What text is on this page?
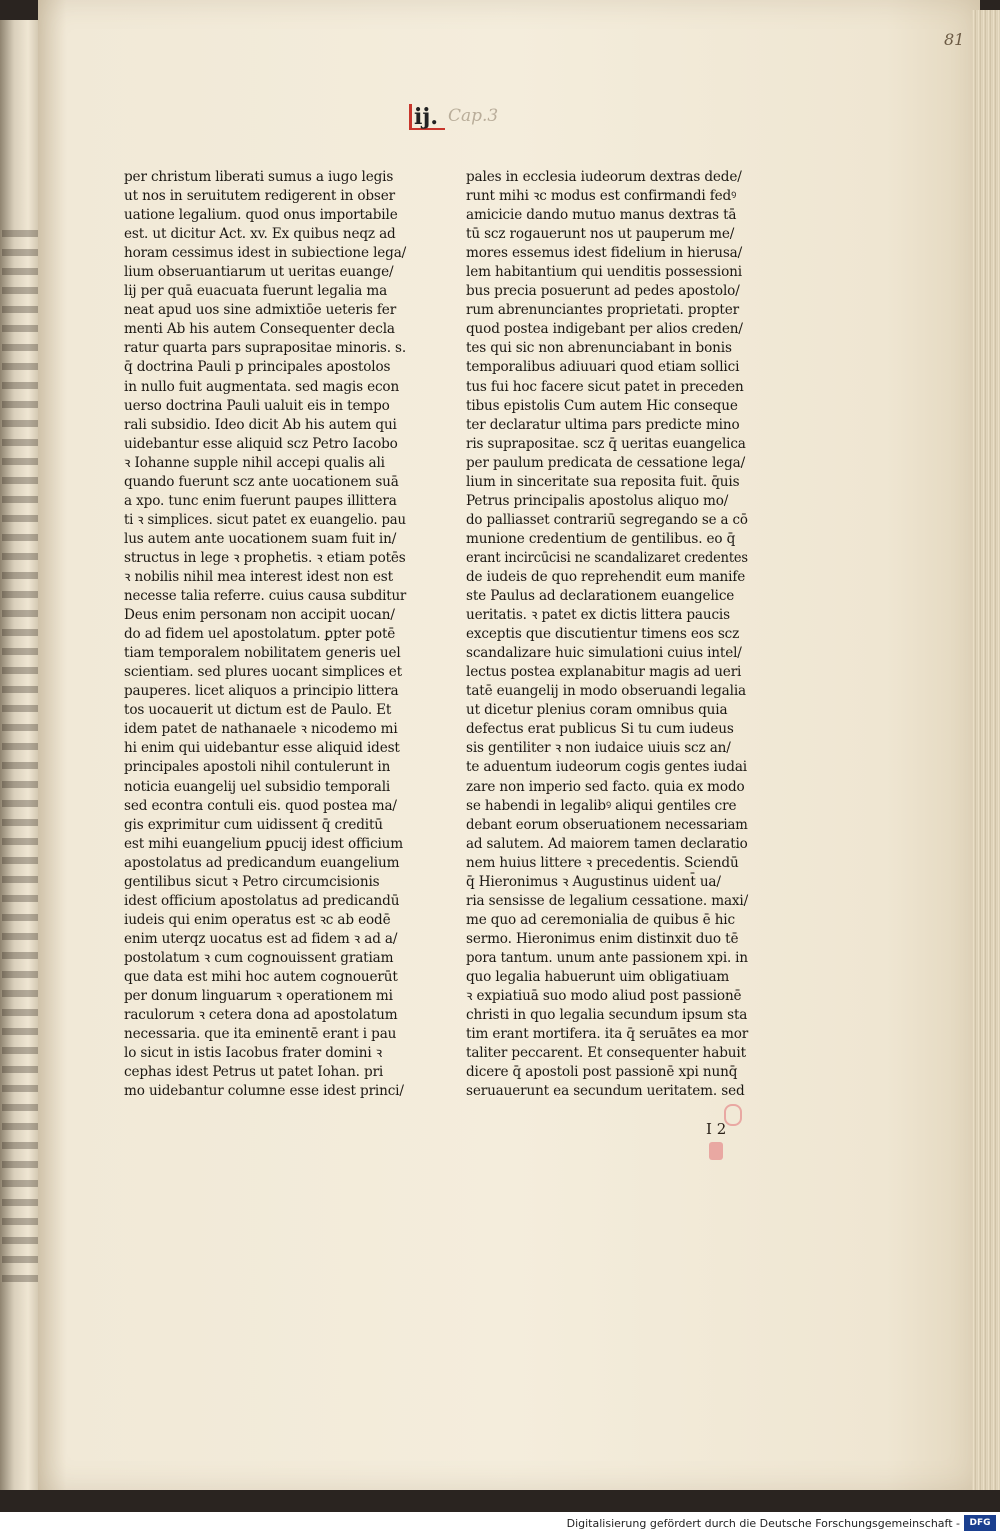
81
ij. Cap.3
per christum liberati sumus a iugo legis
ut nos in seruitutem redigerent in obser
uatione legalium. quod onus importabile
est. ut dicitur Act. xv. Ex quibus neqz ad
horam cessimus idest in subiectione lega/
lium obseruantiarum ut ueritas euange/
lij per quā euacuata fuerunt legalia ma
neat apud uos sine admixtiōe ueteris fer
menti Ab his autem Consequenter decla
ratur quarta pars suprapositae minoris. s.
q̄ doctrina Pauli p principales apostolos
in nullo fuit augmentata. sed magis econ
uerso doctrina Pauli ualuit eis in tempo
rali subsidio. Ideo dicit Ab his autem qui
uidebantur esse aliquid scz Petro Iacobo
ꝛ Iohanne supple nihil accepi qualis ali
quando fuerunt scz ante uocationem suā
a xpo. tunc enim fuerunt paupes illittera
ti ꝛ simplices. sicut patet ex euangelio. pau
lus autem ante uocationem suam fuit in/
structus in lege ꝛ prophetis. ꝛ etiam potēs
ꝛ nobilis nihil mea interest idest non est
necesse talia referre. cuius causa subditur
Deus enim personam non accipit uocan/
do ad fidem uel apostolatum. ꝑpter potē
tiam temporalem nobilitatem generis uel
scientiam. sed plures uocant simplices et
pauperes. licet aliquos a principio littera
tos uocauerit ut dictum est de Paulo. Et
idem patet de nathanaele ꝛ nicodemo mi
hi enim qui uidebantur esse aliquid idest
principales apostoli nihil contulerunt in
noticia euangelij uel subsidio temporali
sed econtra contuli eis. quod postea ma/
gis exprimitur cum uidissent q̄ creditū
est mihi euangelium ꝑpucij idest officium
apostolatus ad predicandum euangelium
gentilibus sicut ꝛ Petro circumcisionis
idest officium apostolatus ad predicandū
iudeis qui enim operatus est ꝛc ab eodē
enim uterqz uocatus est ad fidem ꝛ ad a/
postolatum ꝛ cum cognouissent gratiam
que data est mihi hoc autem cognouerūt
per donum linguarum ꝛ operationem mi
raculorum ꝛ cetera dona ad apostolatum
necessaria. que ita eminentē erant i pau
lo sicut in istis Iacobus frater domini ꝛ
cephas idest Petrus ut patet Iohan. pri
mo uidebantur columne esse idest princi/
pales in ecclesia iudeorum dextras dede/
runt mihi ꝛc modus est confirmandi fedꝰ
amicicie dando mutuo manus dextras tā
tū scz rogauerunt nos ut pauperum me/
mores essemus idest fidelium in hierusa/
lem habitantium qui uenditis possessioni
bus precia posuerunt ad pedes apostolo/
rum abrenunciantes proprietati. propter
quod postea indigebant per alios creden/
tes qui sic non abrenunciabant in bonis
temporalibus adiuuari quod etiam sollici
tus fui hoc facere sicut patet in preceden
tibus epistolis Cum autem Hic conseque
ter declaratur ultima pars predicte mino
ris suprapositae. scz q̄ ueritas euangelica
per paulum predicata de cessatione lega/
lium in sinceritate sua reposita fuit. q̄uis
Petrus principalis apostolus aliquo mo/
do palliasset contrariū segregando se a cō
munione credentium de gentilibus. eo q̄
erant incircūcisi ne scandalizaret credentes
de iudeis de quo reprehendit eum manife
ste Paulus ad declarationem euangelice
ueritatis. ꝛ patet ex dictis littera paucis
exceptis que discutientur timens eos scz
scandalizare huic simulationi cuius intel/
lectus postea explanabitur magis ad ueri
tatē euangelij in modo obseruandi legalia
ut dicetur plenius coram omnibus quia
defectus erat publicus Si tu cum iudeus
sis gentiliter ꝛ non iudaice uiuis scz an/
te aduentum iudeorum cogis gentes iudai
zare non imperio sed facto. quia ex modo
se habendi in legalibꝰ aliqui gentiles cre
debant eorum obseruationem necessariam
ad salutem. Ad maiorem tamen declaratio
nem huius littere ꝛ precedentis. Sciendū
q̄ Hieronimus ꝛ Augustinus uident̄ ua/
ria sensisse de legalium cessatione. maxi/
me quo ad ceremonialia de quibus ē hic
sermo. Hieronimus enim distinxit duo tē
pora tantum. unum ante passionem xpi. in
quo legalia habuerunt uim obligatiuam
ꝛ expiatiuā suo modo aliud post passionē
christi in quo legalia secundum ipsum sta
tim erant mortifera. ita q̄ seruātes ea mor
taliter peccarent. Et consequenter habuit
dicere q̄ apostoli post passionē xpi nunq̄
seruauerunt ea secundum ueritatem. sed
I 2
Digitalisierung gefördert durch die Deutsche Forschungsgemeinschaft -	DFG
